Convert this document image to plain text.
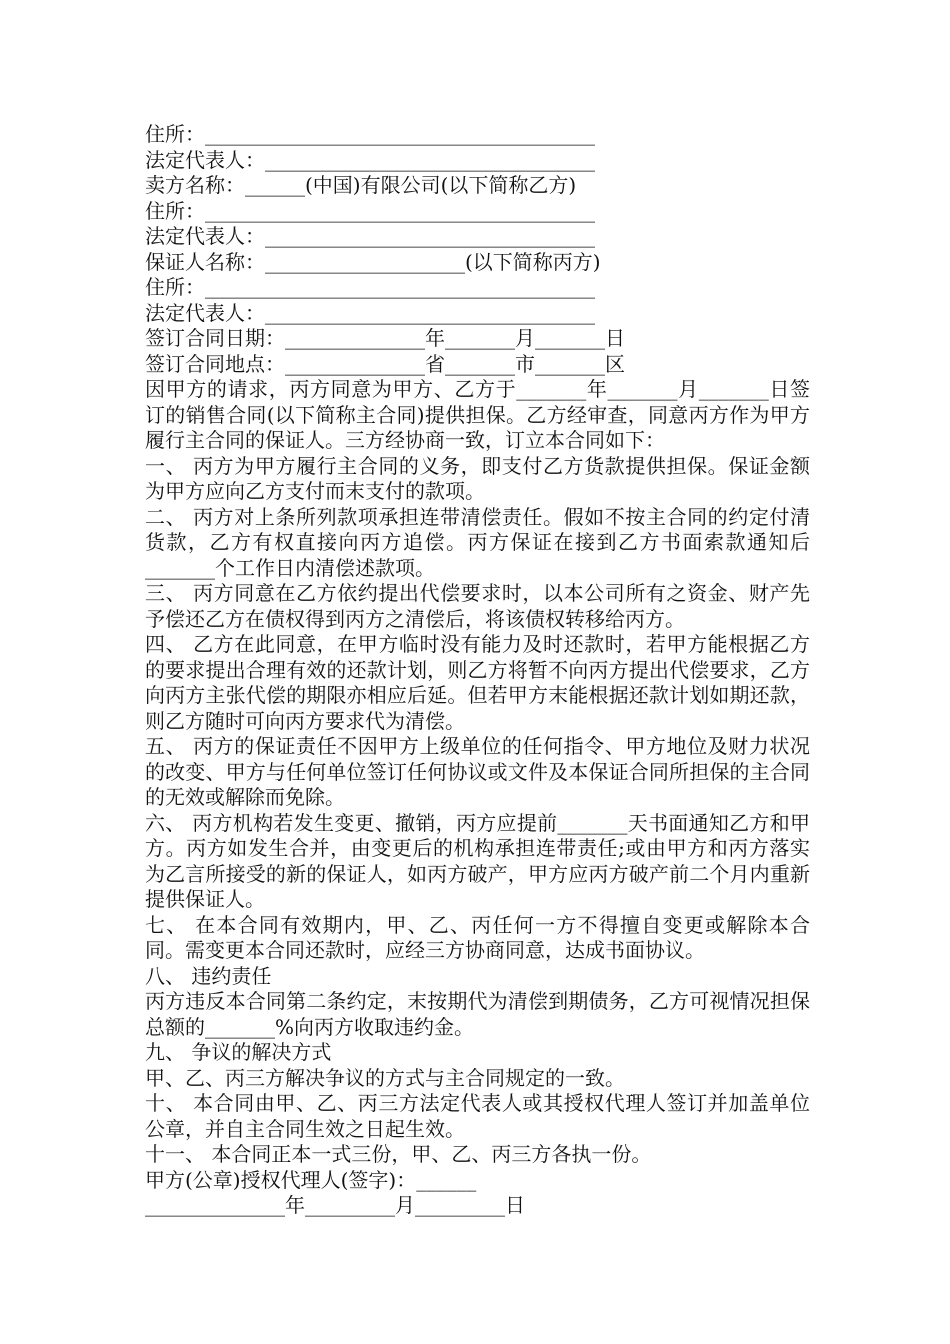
住所：_______________________________________
法定代表人：_________________________________
卖方名称：______(中国)有限公司(以下简称乙方)
住所：_______________________________________
法定代表人：_________________________________
保证人名称：____________________(以下简称丙方)
住所：_______________________________________
法定代表人：_________________________________
签订合同日期：______________年_______月_______日
签订合同地点：______________省_______市_______区
因甲方的请求，丙方同意为甲方、乙方于_______年_______月_______日签订的销售合同(以下简称主合同)提供担保。乙方经审查，同意丙方作为甲方履行主合同的保证人。三方经协商一致，订立本合同如下：
一、 丙方为甲方履行主合同的义务，即支付乙方货款提供担保。保证金额为甲方应向乙方支付而末支付的款项。
二、 丙方对上条所列款项承担连带清偿责任。假如不按主合同的约定付清货款，乙方有权直接向丙方追偿。丙方保证在接到乙方书面索款通知后_______个工作日内清偿述款项。
三、 丙方同意在乙方依约提出代偿要求时，以本公司所有之资金、财产先予偿还乙方在债权得到丙方之清偿后，将该债权转移给丙方。
四、 乙方在此同意，在甲方临时没有能力及时还款时，若甲方能根据乙方的要求提出合理有效的还款计划，则乙方将暂不向丙方提出代偿要求，乙方向丙方主张代偿的期限亦相应后延。但若甲方末能根据还款计划如期还款，则乙方随时可向丙方要求代为清偿。
五、 丙方的保证责任不因甲方上级单位的任何指令、甲方地位及财力状况的改变、甲方与任何单位签订任何协议或文件及本保证合同所担保的主合同的无效或解除而免除。
六、 丙方机构若发生变更、撤销，丙方应提前_______天书面通知乙方和甲方。丙方如发生合并，由变更后的机构承担连带责任;或由甲方和丙方落实为乙言所接受的新的保证人，如丙方破产，甲方应丙方破产前二个月内重新提供保证人。
七、 在本合同有效期内，甲、乙、丙任何一方不得擅自变更或解除本合同。需变更本合同还款时，应经三方协商同意，达成书面协议。
八、 违约责任
丙方违反本合同第二条约定，末按期代为清偿到期债务，乙方可视情况担保总额的_______%向丙方收取违约金。
九、 争议的解决方式
甲、乙、丙三方解决争议的方式与主合同规定的一致。
十、 本合同由甲、乙、丙三方法定代表人或其授权代理人签订并加盖单位公章，并自主合同生效之日起生效。
十一、 本合同正本一式三份，甲、乙、丙三方各执一份。
甲方(公章)授权代理人(签字)：______
______________年_________月_________日
